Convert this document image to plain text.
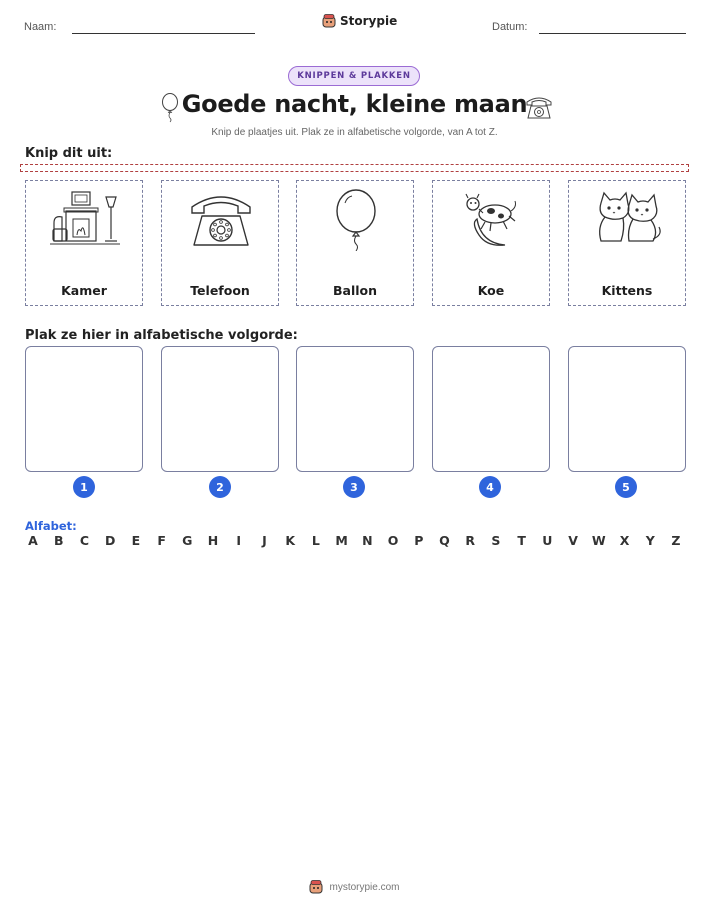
Naam:	Storypie	Datum:
KNIPPEN & PLAKKEN
Goede nacht, kleine maan
Knip de plaatjes uit. Plak ze in alfabetische volgorde, van A tot Z.
Knip dit uit:
Kamer	Telefoon	Ballon	Koe	Kittens
Plak ze hier in alfabetische volgorde:
1	2	3	4	5
Alfabet:
A B C D E F G H	I	J	K	L	M N O P Q R S T U V W X Y Z
mystorypie.com
